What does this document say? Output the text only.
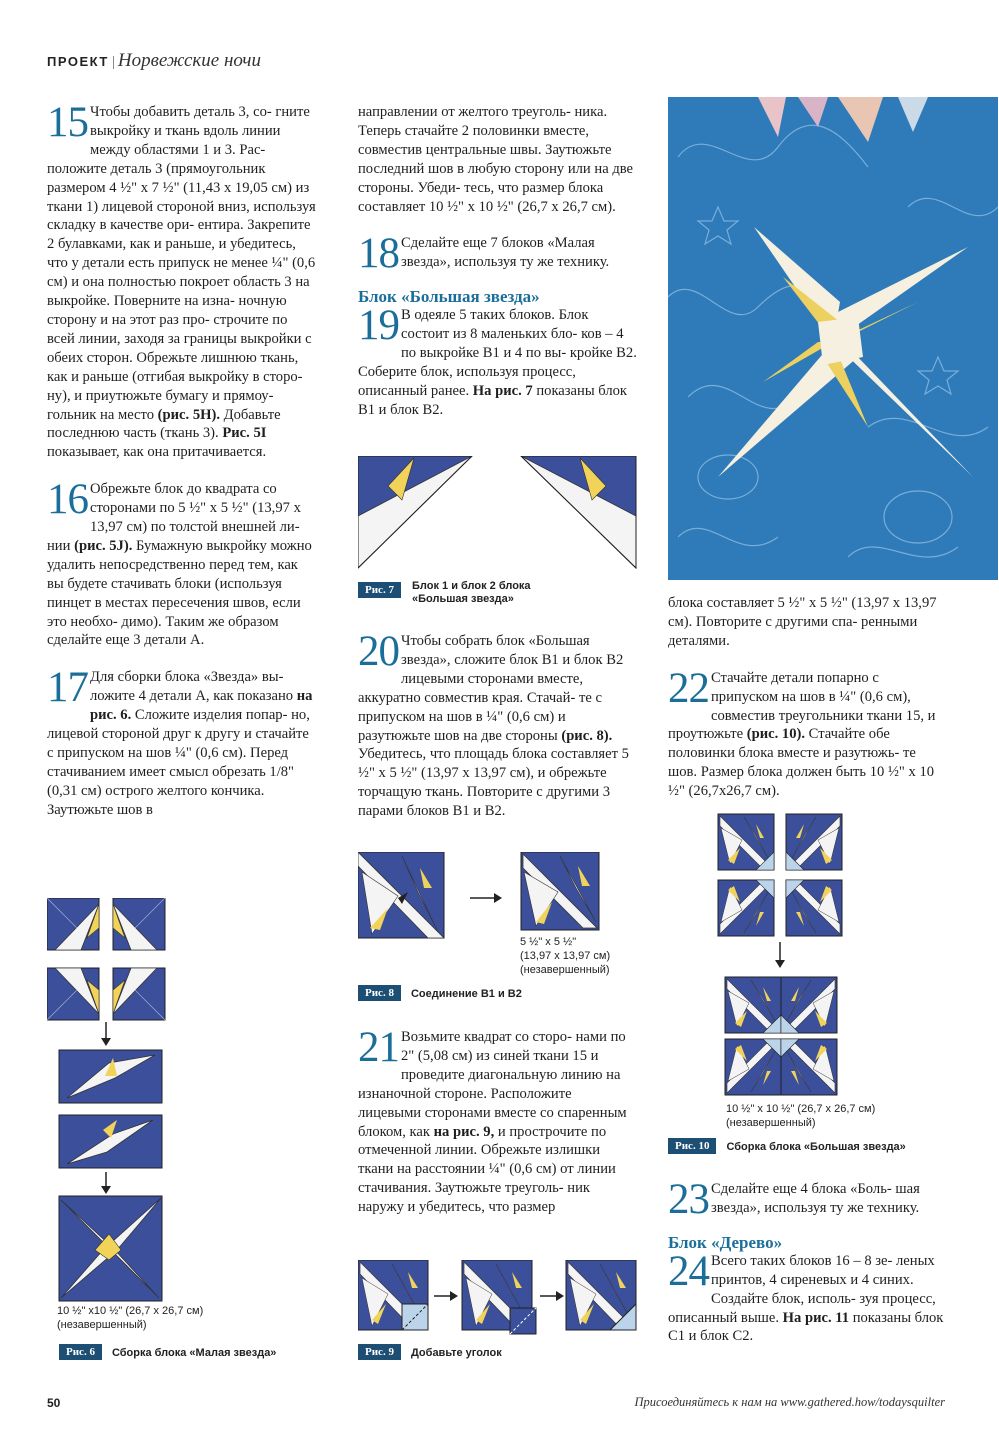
ПРОЕКТ | Норвежские ночи
15 Чтобы добавить деталь 3, со- гните выкройку и ткань вдоль линии между областями 1 и 3. Рас- положите деталь 3 (прямоугольник размером 4 ½" x 7 ½" (11,43 х 19,05 см) из ткани 1) лицевой стороной вниз, используя складку в качестве ори- ентира. Закрепите 2 булавками, как и раньше, и убедитесь, что у детали есть припуск не менее ¼" (0,6 см) и она полностью покроет область 3 на выкройке. Поверните на изна- ночную сторону и на этот раз про- строчите по всей линии, заходя за границы выкройки с обеих сторон. Обрежьте лишнюю ткань, как и раньше (отгибая выкройку в сторо- ну), и приутюжьте бумагу и прямоу- гольник на место (рис. 5H). Добавьте последнюю часть (ткань 3). Рис. 5I показывает, как она притачивается.

16 Обрежьте блок до квадрата со сторонами по 5 ½" x 5 ½" (13,97 х 13,97 см) по толстой внешней ли- нии (рис. 5J). Бумажную выкройку можно удалить непосредственно перед тем, как вы будете стачивать блоки (используя пинцет в местах пересечения швов, если это необхо- димо). Таким же образом сделайте еще 3 детали А.

17 Для сборки блока «Звезда» вы- ложите 4 детали А, как показано на рис. 6. Сложите изделия попар- но, лицевой стороной друг к другу и стачайте с припуском на шов ¼" (0,6 см). Перед стачиванием имеет смысл обрезать 1/8" (0,31 см) острого желтого кончика. Заутюжьте шов в

10 ½" x10 ½" (26,7 x 26,7 см)
(незавершенный)
Рис. 6 Сборка блока «Малая звезда»

направлении от желтого треуголь- ника. Теперь стачайте 2 половинки вместе, совместив центральные швы. Заутюжьте последний шов в любую сторону или на две стороны. Убеди- тесь, что размер блока составляет 10 ½" х 10 ½" (26,7 х 26,7 см).

18 Сделайте еще 7 блоков «Малая звезда», используя ту же технику.

Блок «Большая звезда»

19 В одеяле 5 таких блоков. Блок состоит из 8 маленьких бло- ков – 4 по выкройке B1 и 4 по вы- кройке B2. Соберите блок, используя процесс, описанный ранее. На рис. 7 показаны блок B1 и блок B2.

Рис. 7	Блок 1 и блок 2 блока «Большая звезда»
20 Чтобы собрать блок «Большая звезда», сложите блок B1 и блок B2 лицевыми сторонами вместе, аккуратно совместив края. Стачай- те с припуском на шов в ¼" (0,6 см) и разутюжьте шов на две стороны (рис. 8). Убедитесь, что площадь блока составляет 5 ½" x 5 ½" (13,97 х 13,97 см), и обрежьте торчащую ткань. Повторите с другими 3 парами блоков B1 и B2.

5 ½" x 5 ½"
(13,97 x 13,97 см)
(незавершенный)
Рис. 8 Соединение B1 и B2
21 Возьмите квадрат со сторо- нами по 2" (5,08 см) из синей ткани 15 и проведите диагональную линию на изнаночной стороне. Расположите лицевыми сторонами вместе со спаренным блоком, как на рис. 9, и прострочите по отмеченной линии. Обрежьте излишки ткани на расстоянии ¼" (0,6 см) от линии стачивания. Заутюжьте треуголь- ник наружу и убедитесь, что размер

Рис. 9 Добавьте уголок

блока составляет 5 ½" x 5 ½" (13,97 х 13,97 см). Повторите с другими спа- ренными деталями.

22 Стачайте детали попарно с припуском на шов в ¼" (0,6 см), совместив треугольники ткани 15, и проутюжьте (рис. 10). Стачайте обе половинки блока вместе и разутюжь- те шов. Размер блока должен быть 10 ½" x 10 ½" (26,7x26,7 см).

10 ½" x 10 ½" (26,7 x 26,7 см)
(незавершенный)
Рис. 10 Сборка блока «Большая звезда»
23 Сделайте еще 4 блока «Боль- шая звезда», используя ту же технику.

Блок «Дерево»

24 Всего таких блоков 16 – 8 зе- леных принтов, 4 сиреневых и 4 синих. Создайте блок, исполь- зуя процесс, описанный выше. На рис. 11 показаны блок C1 и блок C2.

50	Присоединяйтесь к нам на www.gathered.how/todaysquilter
